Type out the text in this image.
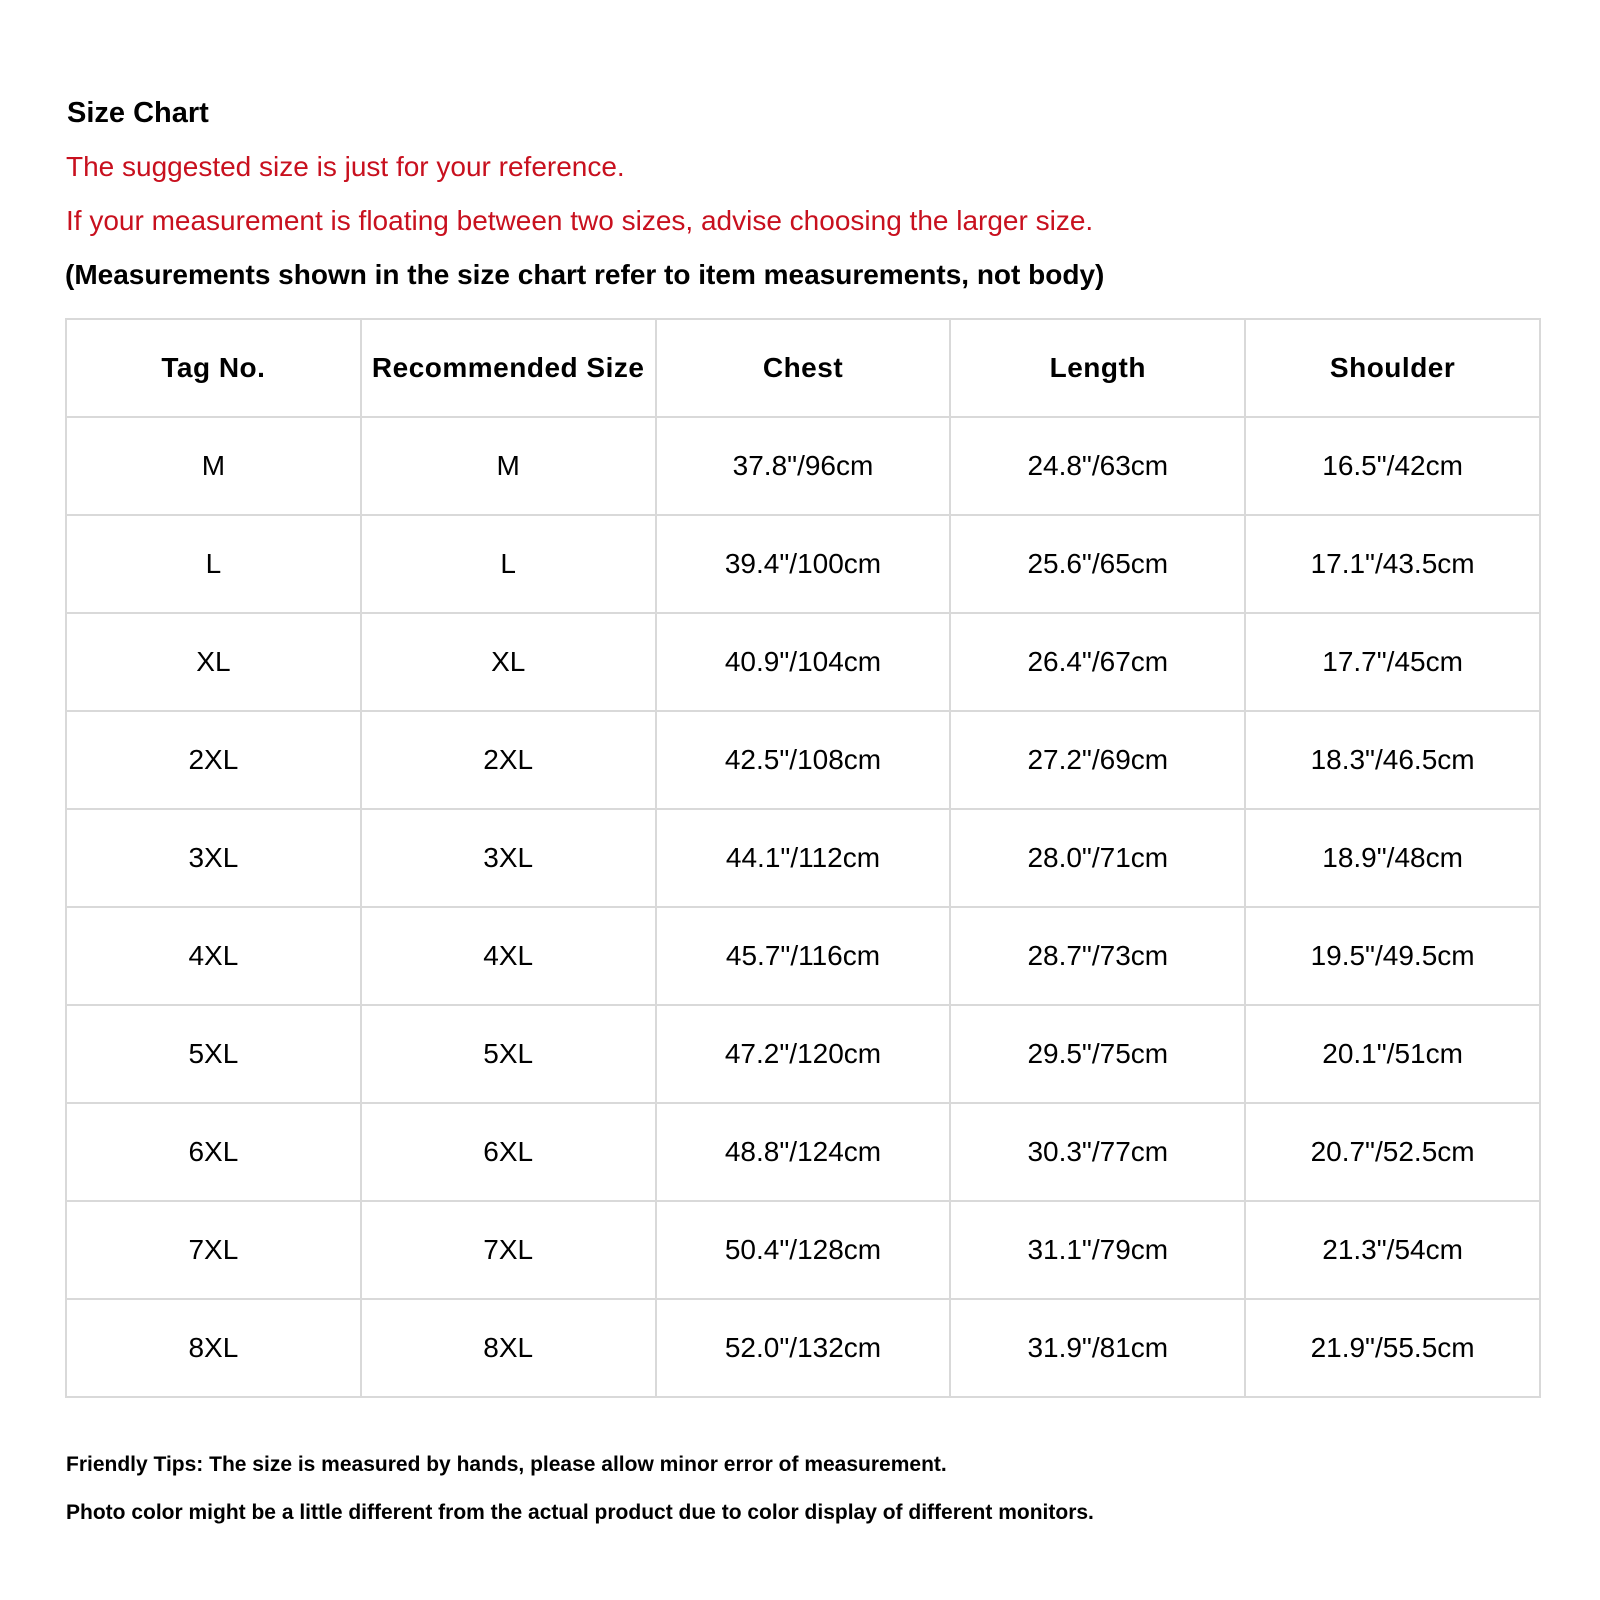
Size Chart

The suggested size is just for your reference.

If your measurement is floating between two sizes, advise choosing the larger size.

(Measurements shown in the size chart refer to item measurements, not body)

Tag No.	Recommended Size	Chest	Length	Shoulder
M	M	37.8"/96cm	24.8"/63cm	16.5"/42cm
L	L	39.4"/100cm	25.6"/65cm	17.1"/43.5cm
XL	XL	40.9"/104cm	26.4"/67cm	17.7"/45cm
2XL	2XL	42.5"/108cm	27.2"/69cm	18.3"/46.5cm
3XL	3XL	44.1"/112cm	28.0"/71cm	18.9"/48cm
4XL	4XL	45.7"/116cm	28.7"/73cm	19.5"/49.5cm
5XL	5XL	47.2"/120cm	29.5"/75cm	20.1"/51cm
6XL	6XL	48.8"/124cm	30.3"/77cm	20.7"/52.5cm
7XL	7XL	50.4"/128cm	31.1"/79cm	21.3"/54cm
8XL	8XL	52.0"/132cm	31.9"/81cm	21.9"/55.5cm

Friendly Tips: The size is measured by hands, please allow minor error of measurement.

Photo color might be a little different from the actual product due to color display of different monitors.
